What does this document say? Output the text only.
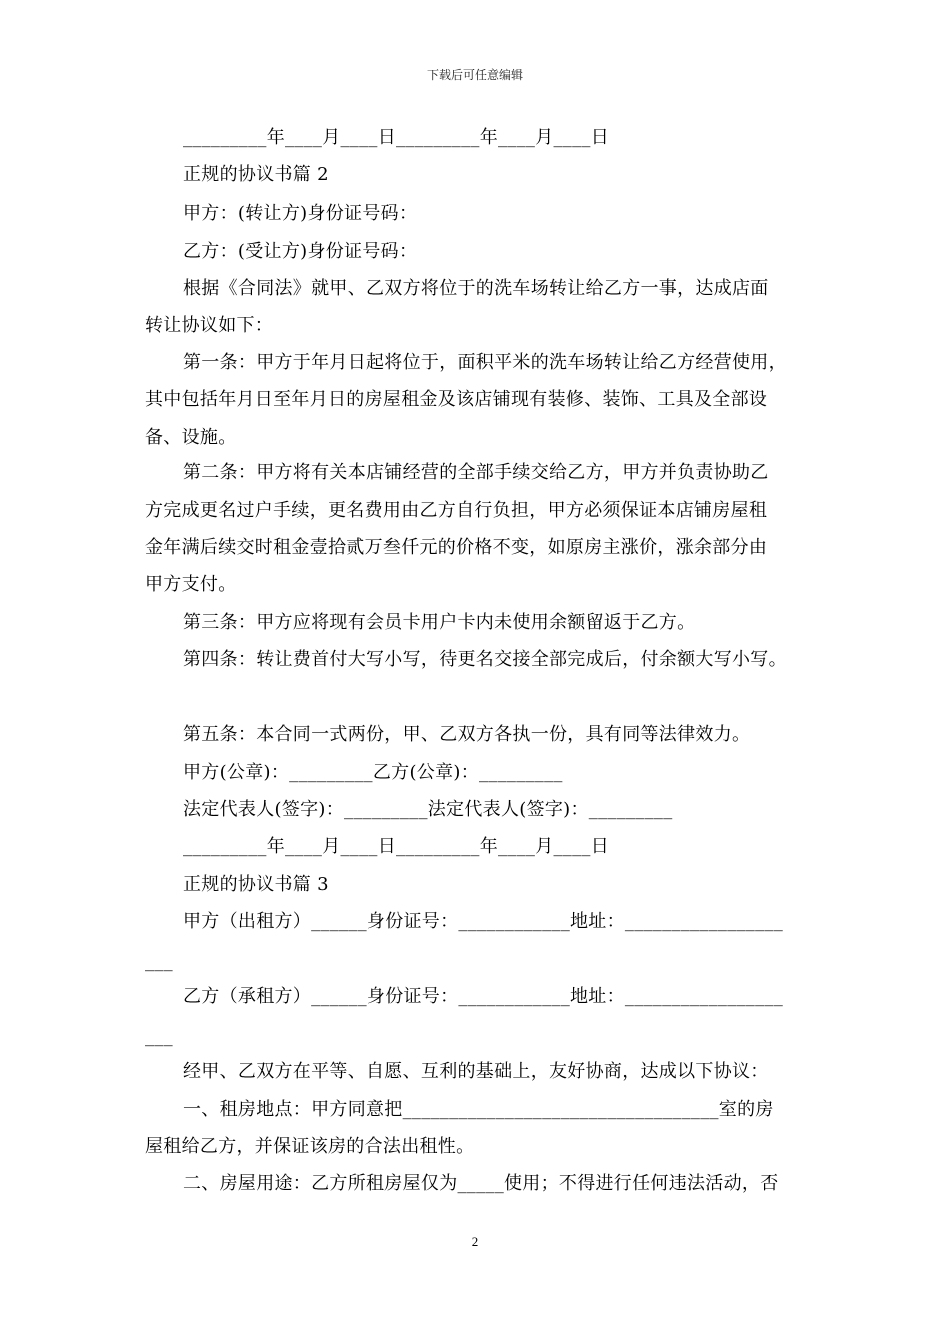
下载后可任意编辑
_________年____月____日_________年____月____日
正规的协议书篇 2
甲方：(转让方)身份证号码：
乙方：(受让方)身份证号码：
根据《合同法》就甲、乙双方将位于的洗车场转让给乙方一事，达成店面
转让协议如下：
第一条：甲方于年月日起将位于，面积平米的洗车场转让给乙方经营使用，
其中包括年月日至年月日的房屋租金及该店铺现有装修、装饰、工具及全部设
备、设施。
第二条：甲方将有关本店铺经营的全部手续交给乙方，甲方并负责协助乙
方完成更名过户手续，更名费用由乙方自行负担，甲方必须保证本店铺房屋租
金年满后续交时租金壹拾贰万叁仟元的价格不变，如原房主涨价，涨余部分由
甲方支付。
第三条：甲方应将现有会员卡用户卡内未使用余额留返于乙方。
第四条：转让费首付大写小写，待更名交接全部完成后，付余额大写小写。
第五条：本合同一式两份，甲、乙双方各执一份，具有同等法律效力。
甲方(公章)：_________乙方(公章)：_________
法定代表人(签字)：_________法定代表人(签字)：_________
_________年____月____日_________年____月____日
正规的协议书篇 3
甲方（出租方）______身份证号：____________地址：_________________
___
乙方（承租方）______身份证号：____________地址：_________________
___
经甲、乙双方在平等、自愿、互利的基础上，友好协商，达成以下协议：
一、租房地点：甲方同意把__________________________________室的房
屋租给乙方，并保证该房的合法出租性。
二、房屋用途：乙方所租房屋仅为_____使用；不得进行任何违法活动，否
2
